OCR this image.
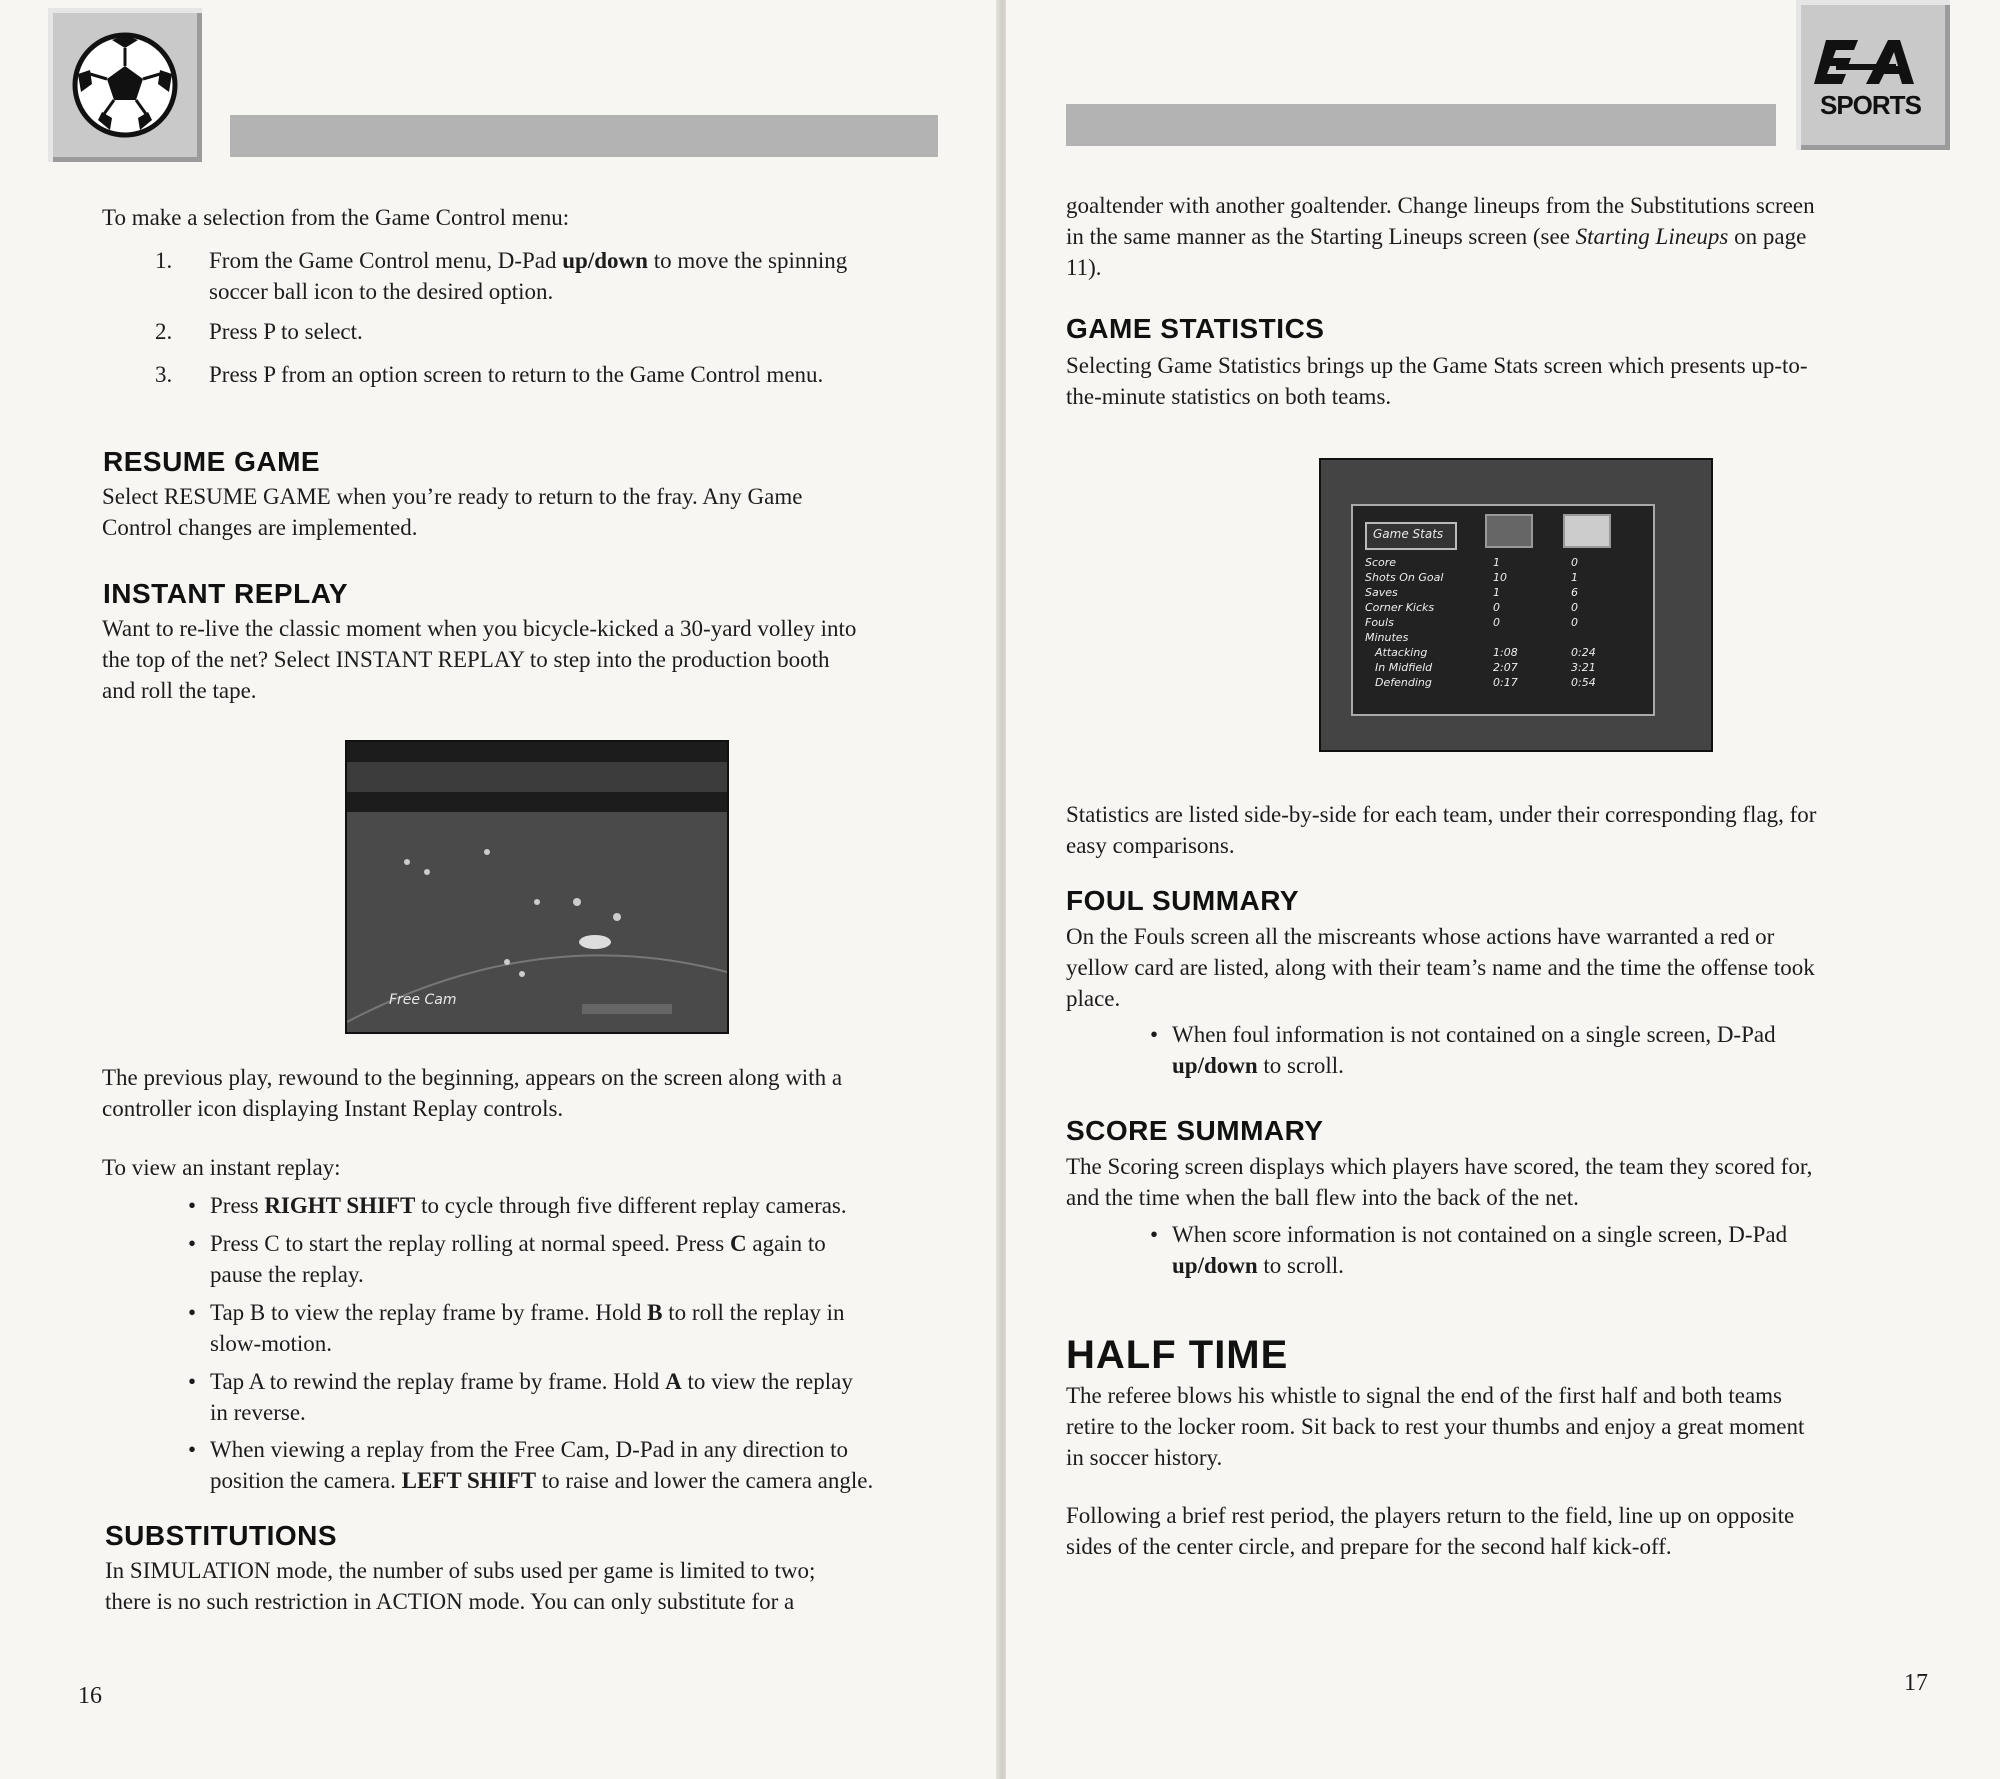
To make a selection from the Game Control menu:

1. From the Game Control menu, D-Pad up/down to move the spinning
soccer ball icon to the desired option.
2. Press P to select.
3. Press P from an option screen to return to the Game Control menu.
RESUME GAME

Select RESUME GAME when you’re ready to return to the fray. Any Game
Control changes are implemented.

INSTANT REPLAY

Want to re-live the classic moment when you bicycle-kicked a 30-yard volley into
the top of the net? Select INSTANT REPLAY to step into the production booth
and roll the tape.

Free Cam

The previous play, rewound to the beginning, appears on the screen along with a
controller icon displaying Instant Replay controls.

To view an instant replay:

• Press RIGHT SHIFT to cycle through five different replay cameras.
• Press C to start the replay rolling at normal speed. Press C again to
pause the replay.
• Tap B to view the replay frame by frame. Hold B to roll the replay in
slow-motion.
• Tap A to rewind the replay frame by frame. Hold A to view the replay
in reverse.
• When viewing a replay from the Free Cam, D-Pad in any direction to
position the camera. LEFT SHIFT to raise and lower the camera angle.
SUBSTITUTIONS

In SIMULATION mode, the number of subs used per game is limited to two;
there is no such restriction in ACTION mode. You can only substitute for a

16
SPORTS

goaltender with another goaltender. Change lineups from the Substitutions screen
in the same manner as the Starting Lineups screen (see Starting Lineups on page
11).

GAME STATISTICS

Selecting Game Statistics brings up the Game Stats screen which presents up-to-
the-minute statistics on both teams.

Game Stats
Score	1	0
Shots On Goal	10	1
Saves	1	6
Corner Kicks	0	0
Fouls	0	0
Minutes
Attacking	1:08	0:24
In Midfield	2:07	3:21
Defending	0:17	0:54

Statistics are listed side-by-side for each team, under their corresponding flag, for
easy comparisons.

FOUL SUMMARY

On the Fouls screen all the miscreants whose actions have warranted a red or
yellow card are listed, along with their team’s name and the time the offense took
place.

• When foul information is not contained on a single screen, D-Pad
up/down to scroll.
SCORE SUMMARY

The Scoring screen displays which players have scored, the team they scored for,
and the time when the ball flew into the back of the net.

• When score information is not contained on a single screen, D-Pad
up/down to scroll.
HALF TIME

The referee blows his whistle to signal the end of the first half and both teams
retire to the locker room. Sit back to rest your thumbs and enjoy a great moment
in soccer history.

Following a brief rest period, the players return to the field, line up on opposite
sides of the center circle, and prepare for the second half kick-off.

17
